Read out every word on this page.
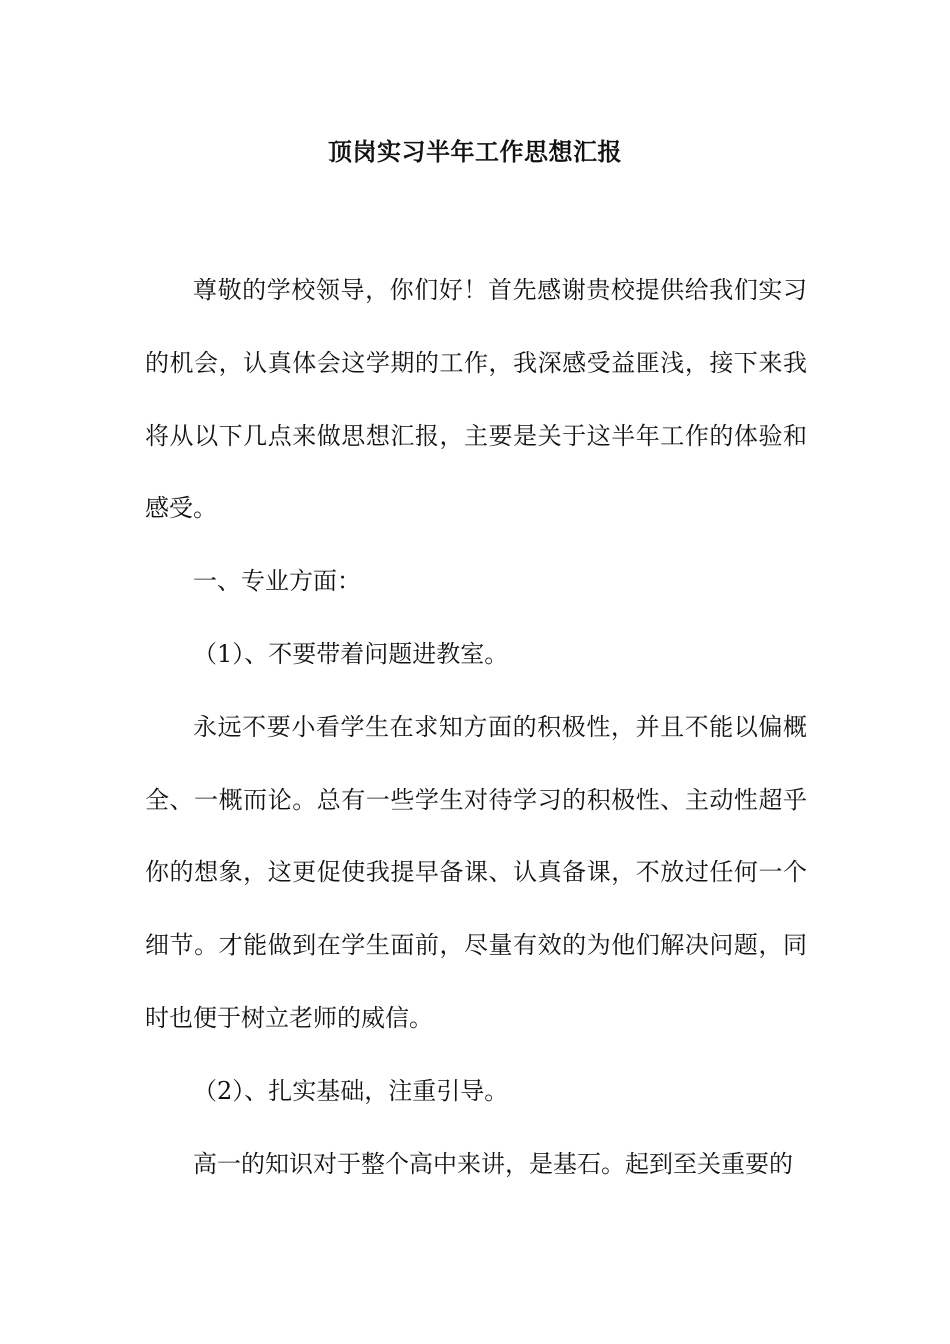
顶岗实习半年工作思想汇报

尊敬的学校领导，你们好！首先感谢贵校提供给我们实习的机会，认真体会这学期的工作，我深感受益匪浅，接下来我将从以下几点来做思想汇报，主要是关于这半年工作的体验和感受。

一、专业方面：

（1）、不要带着问题进教室。

永远不要小看学生在求知方面的积极性，并且不能以偏概全、一概而论。总有一些学生对待学习的积极性、主动性超乎你的想象，这更促使我提早备课、认真备课，不放过任何一个细节。才能做到在学生面前，尽量有效的为他们解决问题，同时也便于树立老师的威信。

（2）、扎实基础，注重引导。

高一的知识对于整个高中来讲，是基石。起到至关重要的
